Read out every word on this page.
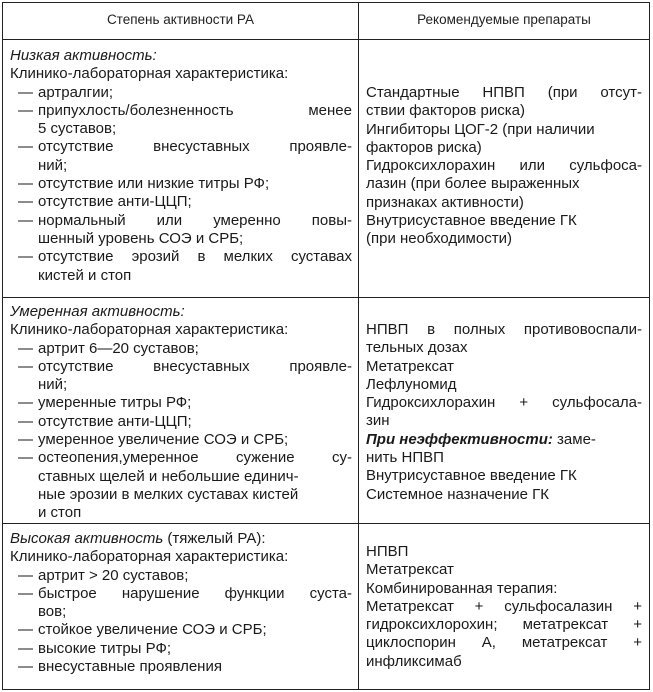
Степень активности РА	Рекомендуемые препараты

Низкая активность:

Клинико-лабораторная характеристика:

— артралгии;
— припухлость/болезненность менее
5 суставов;
— отсутствие внесуставных проявле-
ний;
— отсутствие или низкие титры РФ;
— отсутствие анти-ЦЦП;
— нормальный или умеренно повы-
шенный уровень СОЭ и СРБ;
— отсутствие эрозий в мелких суставах
кистей и стоп

Стандартные НПВП (при отсут-

ствии факторов риска)

Ингибиторы ЦОГ-2 (при наличии

факторов риска)

Гидроксихлорахин или сульфоса-

лазин (при более выраженных

признаках активности)

Внутрисуставное введение ГК

(при необходимости)

Умеренная активность:

Клинико-лабораторная характеристика:

— артрит 6—20 суставов;
— отсутствие внесуставных проявле-
ний;
— умеренные титры РФ;
— отсутствие анти-ЦЦП;
— умеренное увеличение СОЭ и СРБ;
— остеопения,умеренное сужение су-
ставных щелей и небольшие единич-
ные эрозии в мелких суставах кистей
и стоп

НПВП в полных противовоспали-

тельных дозах

Метатрексат

Лефлуномид

Гидроксихлорахин + сульфосала-

зин

При неэффективности: заме-

нить НПВП

Внутрисуставное введение ГК

Системное назначение ГК

Высокая активность (тяжелый РА):

Клинико-лабораторная характеристика:

— артрит > 20 суставов;
— быстрое нарушение функции суста-
вов;
— стойкое увеличение СОЭ и СРБ;
— высокие титры РФ;
— внесуставные проявления

НПВП

Метатрексат

Комбинированная терапия:

Метатрексат + сульфосалазин +

гидроксихлорохин; метатрексат +

циклоспорин А, метатрексат +

инфликсимаб
